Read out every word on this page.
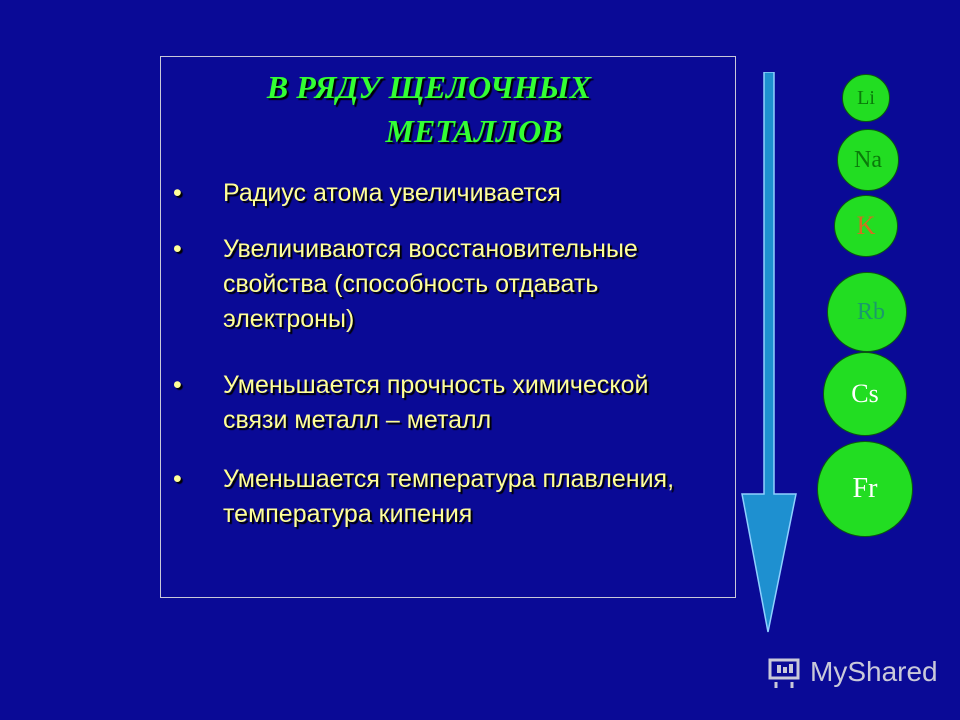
В РЯДУ ЩЕЛОЧНЫХ
МЕТАЛЛОВ
•	Радиус атома увеличивается
•	Увеличиваются восстановительные свойства (способность отдавать электроны)
•	Уменьшается прочность химической связи металл – металл
•	Уменьшается температура плавления, температура кипения
Li
Na
K
Rb
Cs
Fr
MyShared
